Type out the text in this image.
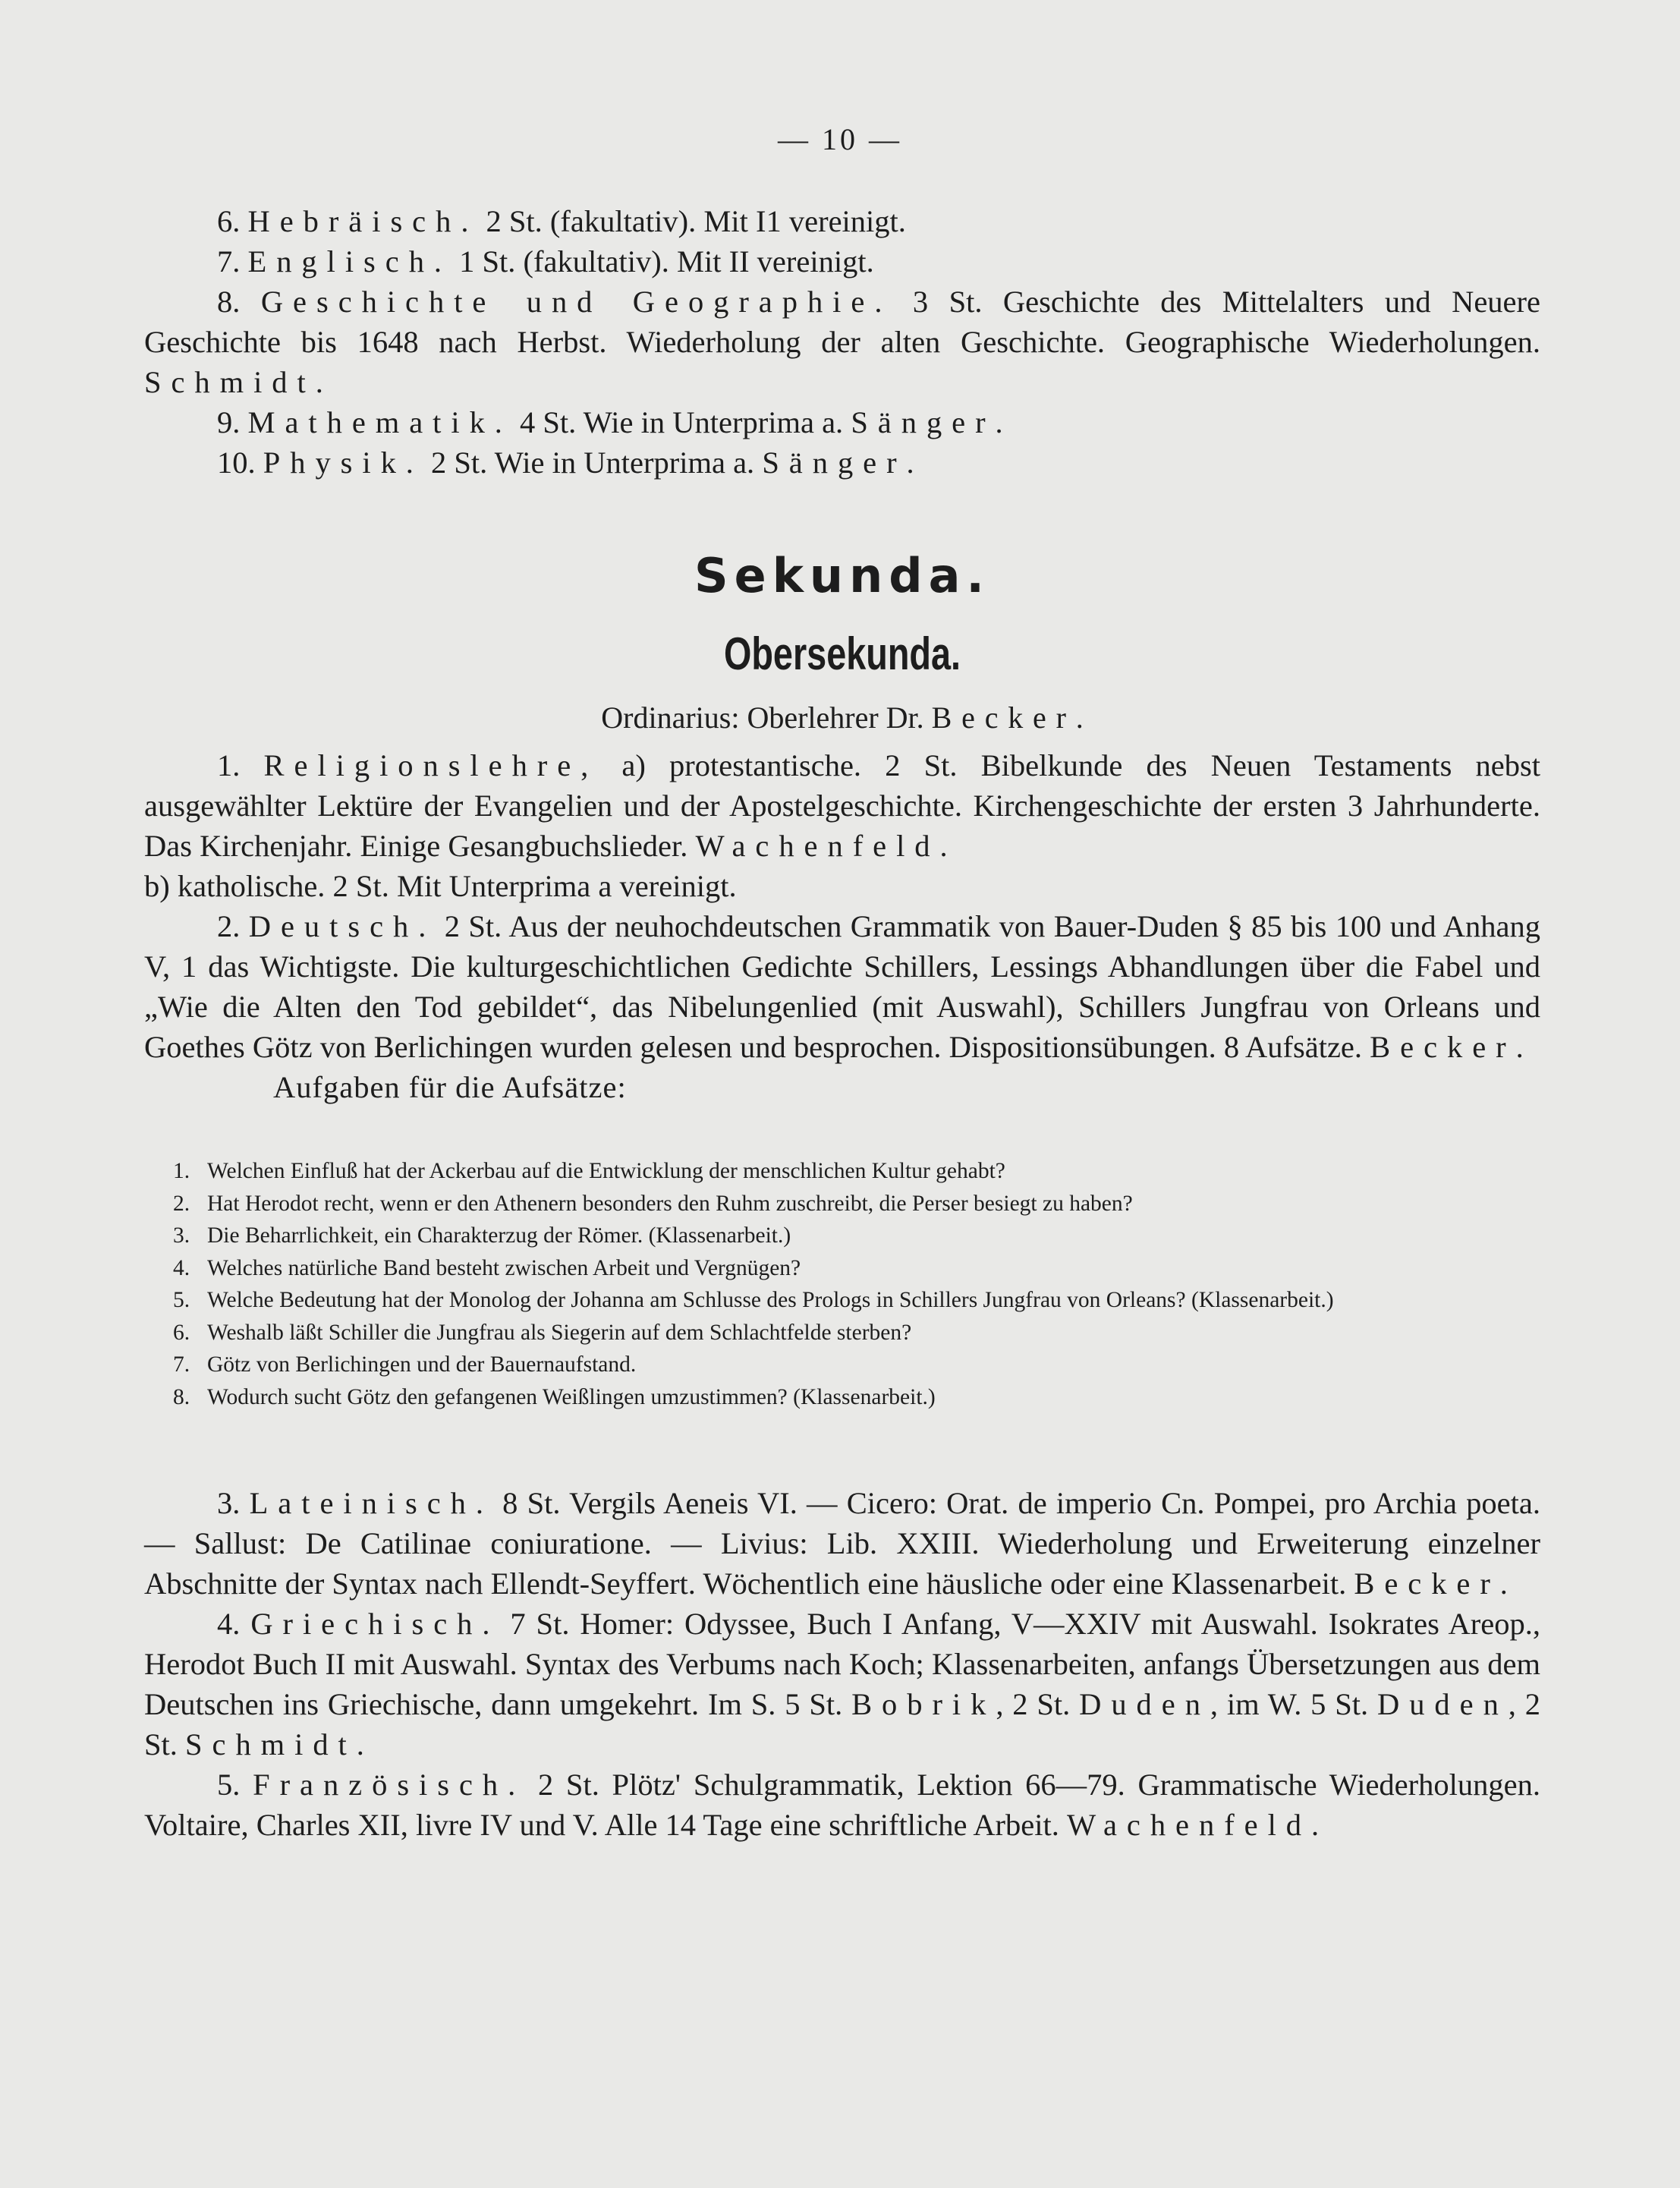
— 10 —

6. Hebräisch. 2 St. (fakultativ). Mit I1 vereinigt.

7. Englisch. 1 St. (fakultativ). Mit II vereinigt.

8. Geschichte und Geographie. 3 St. Geschichte des Mittelalters und Neuere Geschichte bis 1648 nach Herbst. Wiederholung der alten Geschichte. Geographische Wiederholungen. Schmidt.

9. Mathematik. 4 St. Wie in Unterprima a. Sänger.

10. Physik. 2 St. Wie in Unterprima a. Sänger.

Sekunda.
Obersekunda.
Ordinarius: Oberlehrer Dr. Becker.

1. Religionslehre, a) protestantische. 2 St. Bibelkunde des Neuen Testaments nebst ausgewählter Lektüre der Evangelien und der Apostelgeschichte. Kirchengeschichte der ersten 3 Jahrhunderte. Das Kirchenjahr. Einige Gesangbuchslieder. Wachenfeld.

b) katholische. 2 St. Mit Unterprima a vereinigt.

2. Deutsch. 2 St. Aus der neuhochdeutschen Grammatik von Bauer-Duden § 85 bis 100 und Anhang V, 1 das Wichtigste. Die kulturgeschichtlichen Gedichte Schillers, Lessings Abhandlungen über die Fabel und „Wie die Alten den Tod gebildet“, das Nibelungenlied (mit Auswahl), Schillers Jungfrau von Orleans und Goethes Götz von Berlichingen wurden gelesen und besprochen. Dispositionsübungen. 8 Aufsätze. Becker.

Aufgaben für die Aufsätze:
1. Welchen Einfluß hat der Ackerbau auf die Entwicklung der menschlichen Kultur gehabt?
2. Hat Herodot recht, wenn er den Athenern besonders den Ruhm zuschreibt, die Perser besiegt zu haben?
3. Die Beharrlichkeit, ein Charakterzug der Römer. (Klassenarbeit.)
4. Welches natürliche Band besteht zwischen Arbeit und Vergnügen?
5. Welche Bedeutung hat der Monolog der Johanna am Schlusse des Prologs in Schillers Jungfrau von Orleans? (Klassenarbeit.)
6. Weshalb läßt Schiller die Jungfrau als Siegerin auf dem Schlachtfelde sterben?
7. Götz von Berlichingen und der Bauernaufstand.
8. Wodurch sucht Götz den gefangenen Weißlingen umzustimmen? (Klassenarbeit.)

3. Lateinisch. 8 St. Vergils Aeneis VI. — Cicero: Orat. de imperio Cn. Pompei, pro Archia poeta. — Sallust: De Catilinae coniuratione. — Livius: Lib. XXIII. Wiederholung und Erweiterung einzelner Abschnitte der Syntax nach Ellendt-Seyffert. Wöchentlich eine häusliche oder eine Klassenarbeit. Becker.

4. Griechisch. 7 St. Homer: Odyssee, Buch I Anfang, V—XXIV mit Auswahl. Isokrates Areop., Herodot Buch II mit Auswahl. Syntax des Verbums nach Koch; Klassenarbeiten, anfangs Übersetzungen aus dem Deutschen ins Griechische, dann umgekehrt. Im S. 5 St. Bobrik, 2 St. Duden, im W. 5 St. Duden, 2 St. Schmidt.

5. Französisch. 2 St. Plötz' Schulgrammatik, Lektion 66—79. Grammatische Wiederholungen. Voltaire, Charles XII, livre IV und V. Alle 14 Tage eine schriftliche Arbeit. Wachenfeld.
